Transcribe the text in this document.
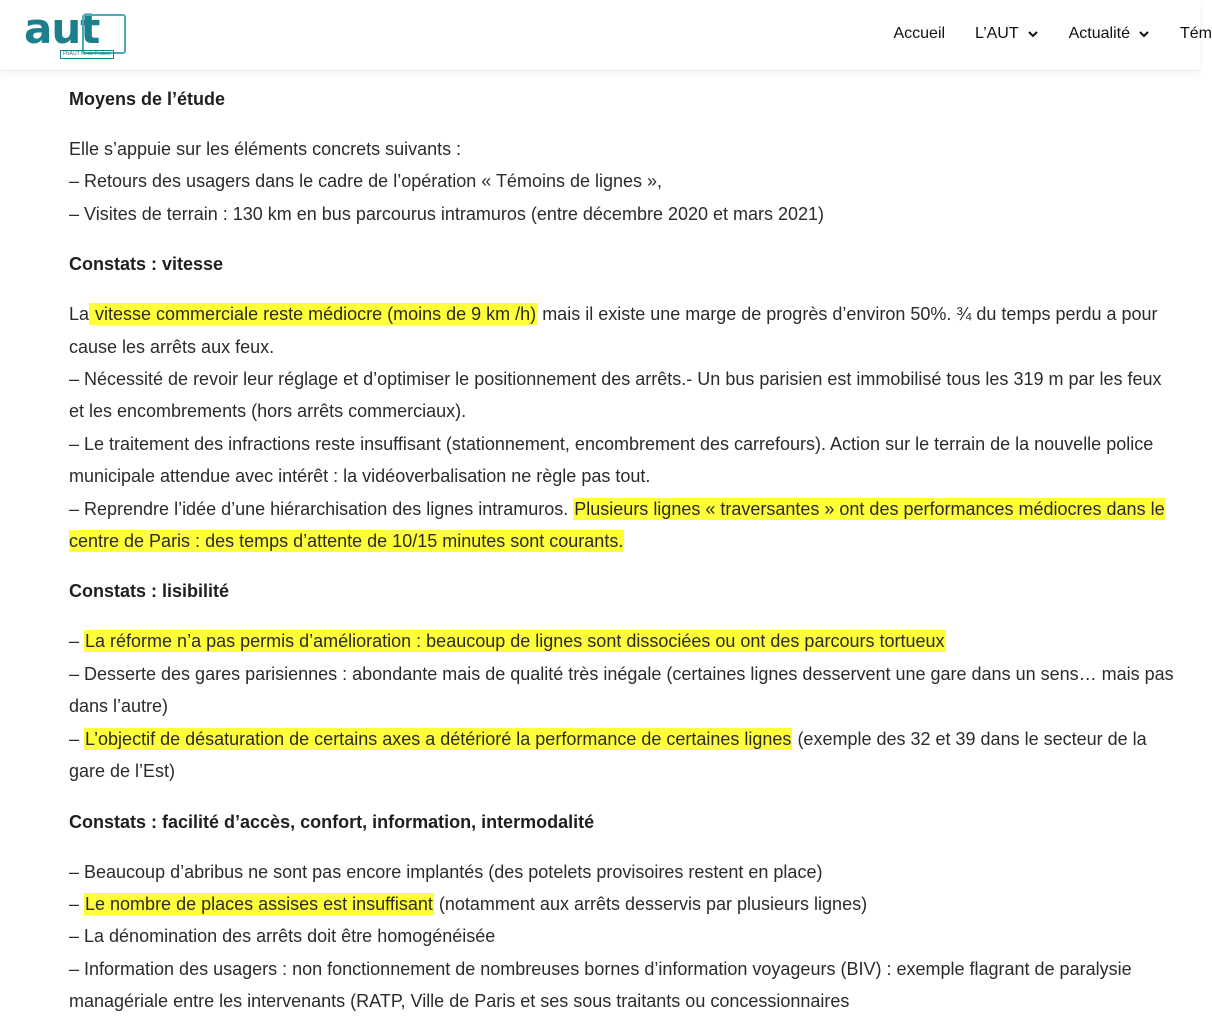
aut
FNAUT Île-de-France
Accueil L’AUT	Actualité	Tém
Moyens de l’étude

Elle s’appuie sur les éléments concrets suivants :

– Retours des usagers dans le cadre de l’opération « Témoins de lignes »,

– Visites de terrain : 130 km en bus parcourus intramuros (entre décembre 2020 et mars 2021)

Constats : vitesse

La vitesse commerciale reste médiocre (moins de 9 km /h) mais il existe une marge de progrès d’environ 50%. ¾ du temps perdu a pour cause les arrêts aux feux.

– Nécessité de revoir leur réglage et d’optimiser le positionnement des arrêts.- Un bus parisien est immobilisé tous les 319 m par les feux et les encombrements (hors arrêts commerciaux).

– Le traitement des infractions reste insuffisant (stationnement, encombrement des carrefours). Action sur le terrain de la nouvelle police municipale attendue avec intérêt : la vidéoverbalisation ne règle pas tout.

– Reprendre l’idée d’une hiérarchisation des lignes intramuros. Plusieurs lignes « traversantes » ont des performances médiocres dans le centre de Paris : des temps d’attente de 10/15 minutes sont courants.

Constats : lisibilité

– La réforme n’a pas permis d’amélioration : beaucoup de lignes sont dissociées ou ont des parcours tortueux

– Desserte des gares parisiennes : abondante mais de qualité très inégale (certaines lignes desservent une gare dans un sens… mais pas dans l’autre)

– L’objectif de désaturation de certains axes a détérioré la performance de certaines lignes (exemple des 32 et 39 dans le secteur de la gare de l’Est)

Constats : facilité d’accès, confort, information, intermodalité

– Beaucoup d’abribus ne sont pas encore implantés (des potelets provisoires restent en place)

– Le nombre de places assises est insuffisant (notamment aux arrêts desservis par plusieurs lignes)

– La dénomination des arrêts doit être homogénéisée

– Information des usagers : non fonctionnement de nombreuses bornes d’information voyageurs (BIV) : exemple flagrant de paralysie managériale entre les intervenants (RATP, Ville de Paris et ses sous traitants ou concessionnaires
